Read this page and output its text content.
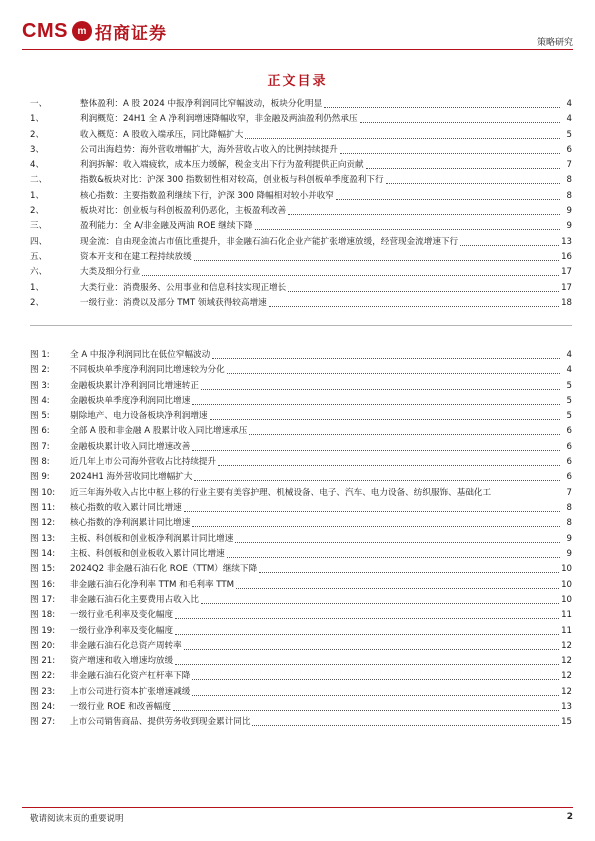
CMS m 招商证券	策略研究
正文目录
一、	整体盈利：A 股 2024 中报净利润同比窄幅波动，板块分化明显	4
1、	利润概览：24H1 全 A 净利润增速降幅收窄，非金融及两油盈利仍然承压	4
2、	收入概览：A 股收入端承压，同比降幅扩大	5
3、	公司出海趋势：海外营收增幅扩大，海外营收占收入的比例持续提升	6
4、	利润拆解：收入端疲软，成本压力缓解，税金支出下行为盈利提供正向贡献	7
二、	指数&板块对比：沪深 300 指数韧性相对较高，创业板与科创板单季度盈利下行	8
1、	核心指数：主要指数盈利继续下行，沪深 300 降幅相对较小并收窄	8
2、	板块对比：创业板与科创板盈利仍恶化，主板盈利改善	9
三、	盈利能力：全 A/非金融及两油 ROE 继续下降	9
四、	现金流：自由现金流占市值比重提升，非金融石油石化企业产能扩张增速放缓，经营现金流增速下行	13
五、	资本开支和在建工程持续放缓	16
六、	大类及细分行业	17
1、	大类行业：消费服务、公用事业和信息科技实现正增长	17
2、	一级行业：消费以及部分 TMT 领域获得较高增速	18
图 1:	全 A 中报净利润同比在低位窄幅波动	4
图 2:	不同板块单季度净利润同比增速较为分化	4
图 3:	金融板块累计净利润同比增速转正	5
图 4:	金融板块单季度净利润同比增速	5
图 5:	剔除地产、电力设备板块净利润增速	5
图 6:	全部 A 股和非金融 A 股累计收入同比增速承压	6
图 7:	金融板块累计收入同比增速改善	6
图 8:	近几年上市公司海外营收占比持续提升	6
图 9:	2024H1 海外营收同比增幅扩大	6
图 10: 近三年海外收入占比中枢上移的行业主要有美容护理、机械设备、电子、汽车、电力设备、纺织服饰、基础化工	7
图 11:	核心指数的收入累计同比增速	8
图 12:	核心指数的净利润累计同比增速	8
图 13:	主板、科创板和创业板净利润累计同比增速	9
图 14:	主板、科创板和创业板收入累计同比增速	9
图 15:	2024Q2 非金融石油石化 ROE（TTM）继续下降	10
图 16:	非金融石油石化净利率 TTM 和毛利率 TTM	10
图 17:	非金融石油石化主要费用占收入比	10
图 18:	一级行业毛利率及变化幅度	11
图 19:	一级行业净利率及变化幅度	11
图 20:	非金融石油石化总资产周转率	12
图 21:	资产增速和收入增速均放缓	12
图 22:	非金融石油石化资产杠杆率下降	12
图 23:	上市公司进行资本扩张增速减缓	12
图 24:	一级行业 ROE 和改善幅度	13
图 27:	上市公司销售商品、提供劳务收到现金累计同比	15
敬请阅读末页的重要说明	2
